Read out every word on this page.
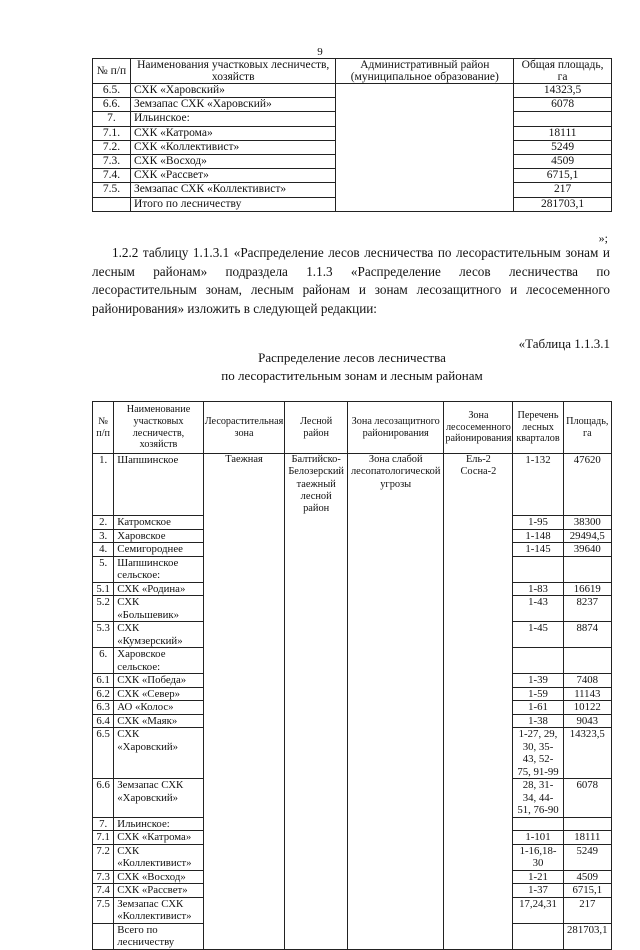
9
№ п/п	Наименования участковых лесничеств, хозяйств	Административный район (муниципальное образование)	Общая площадь, га
6.5.	СХК «Харовский»		14323,5
6.6.	Земзапас СХК «Харовский»		6078
7.	Ильинское:		
7.1.	СХК «Катрома»		18111
7.2.	СХК «Коллективист»		5249
7.3.	СХК «Восход»		4509
7.4.	СХК «Рассвет»		6715,1
7.5.	Земзапас СХК «Коллективист»		217
	Итого по лесничеству		281703,1
»;
1.2.2 таблицу 1.1.3.1 «Распределение лесов лесничества по лесорастительным зонам и лесным районам» подраздела 1.1.3 «Распределение лесов лесничества по лесорастительным зонам, лесным районам и зонам лесозащитного и лесосеменного районирования» изложить в следующей редакции:
«Таблица 1.1.3.1
Распределение лесов лесничества
по лесорастительным зонам и лесным районам
№ п/п	Наименование участковых лесничеств, хозяйств	Лесорастительная зона	Лесной район	Зона лесозащитного районирования	Зона лесосеменного районирования	Перечень лесных кварталов	Площадь, га
1.	Шапшинское	Таежная	Балтийско-Белозерский таежный лесной район	Зона слабой лесопатологической угрозы	Ель-2 Сосна-2	1-132	47620
2.	Катромское					1-95	38300
3.	Харовское					1-148	29494,5
4.	Семигороднее					1-145	39640
5.	Шапшинское сельское:						
5.1	СХК «Родина»					1-83	16619
5.2	СХК «Большевик»					1-43	8237
5.3	СХК «Кумзерский»					1-45	8874
6.	Харовское сельское:						
6.1	СХК «Победа»					1-39	7408
6.2	СХК «Север»					1-59	11143
6.3	АО «Колос»					1-61	10122
6.4	СХК «Маяк»					1-38	9043
6.5	СХК «Харовский»					1-27, 29, 30, 35-43, 52-75, 91-99	14323,5
6.6	Земзапас СХК «Харовский»					28, 31-34, 44-51, 76-90	6078
7.	Ильинское:						
7.1	СХК «Катрома»					1-101	18111
7.2	СХК «Коллективист»					1-16,18-30	5249
7.3	СХК «Восход»					1-21	4509
7.4	СХК «Рассвет»					1-37	6715,1
7.5	Земзапас СХК «Коллективист»					17,24,31	217
	Всего по лесничеству						281703,1
